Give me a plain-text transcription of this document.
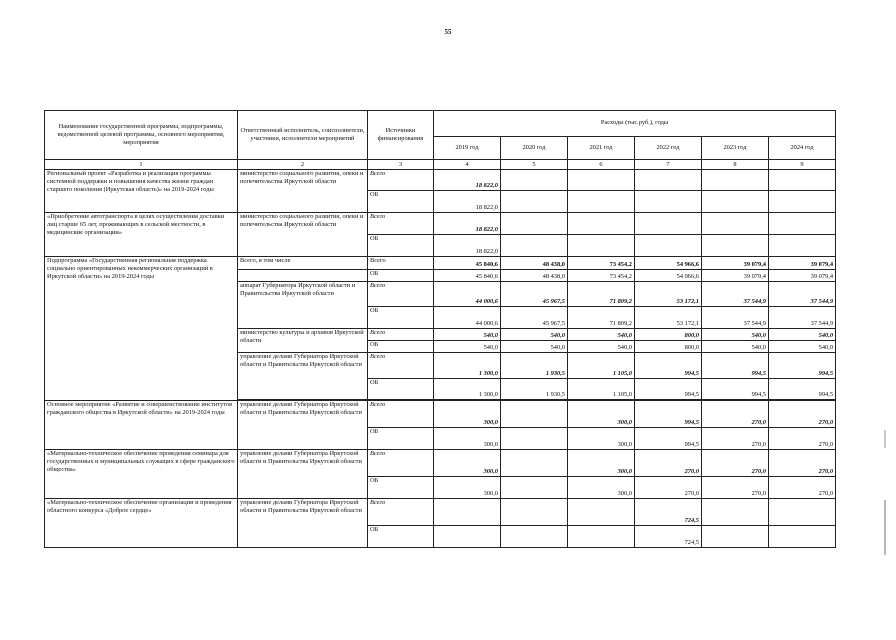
55
Наименование государственной программы, подпрограммы, ведомственной целевой программы, основного мероприятия, мероприятия	Ответственный исполнитель, соисполнители, участники, исполнители мероприятий	Источники финансирования	Расходы (тыс.руб.), годы					
			2019 год	2020 год	2021 год	2022 год	2023 год	2024 год
1	2	3	4	5	6	7	8	9
Региональный проект «Разработка и реализация программы системной поддержки и повышения качества жизни граждан старшего поколения (Иркутская область)» на 2019-2024 годы	министерство социального развития, опеки и попечительства Иркутской области	Всего	18 822,0					
		ОБ	18 822,0					
«Приобретение автотранспорта в целях осуществления доставки лиц старше 65 лет, проживающих в сельской местности, в медицинские организации»	министерство социального развития, опеки и попечительства Иркутской области	Всего	18 822,0					
		ОБ	18 822,0					
Подпрограмма «Государственная региональная поддержка социально ориентированных некоммерческих организаций в Иркутской области» на 2019-2024 годы	Всего, в том числе	Всего	45 840,6	48 438,0	73 454,2	54 966,6	39 079,4	39 079,4
		ОБ	45 840,6	48 438,0	73 454,2	54 966,6	39 079,4	39 079,4
	аппарат Губернатора Иркутской области и Правительства Иркутской области	Всего	44 000,6	45 967,5	71 809,2	53 172,1	37 544,9	37 544,9
		ОБ	44 000,6	45 967,5	71 809,2	53 172,1	37 544,9	37 544,9
	министерство культуры и архивов Иркутской области	Всего	540,0	540,0	540,0	800,0	540,0	540,0
		ОБ	540,0	540,0	540,0	800,0	540,0	540,0
	управление делами Губернатора Иркутской области и Правительства Иркутской области	Всего	1 300,0	1 930,5	1 105,0	994,5	994,5	994,5
		ОБ	1 300,0	1 930,5	1 105,0	994,5	994,5	994,5

Основное мероприятие «Развитие и совершенствование институтов гражданского общества в Иркутской области» на 2019-2024 годы	управление делами Губернатора Иркутской области и Правительства Иркутской области	Всего	300,0		300,0	994,5	270,0	270,0
		ОБ	300,0		300,0	994,5	270,0	270,0
«Материально-техническое обеспечение проведения семинара для государственных и муниципальных служащих в сфере гражданского общества»	управление делами Губернатора Иркутской области и Правительства Иркутской области	Всего	300,0		300,0	270,0	270,0	270,0
		ОБ	300,0		300,0	270,0	270,0	270,0
«Материально-техническое обеспечение организации и проведения областного конкурса «Доброе сердце»	управление делами Губернатора Иркутской области и Правительства Иркутской области	Всего				724,5		
		ОБ				724,5		
